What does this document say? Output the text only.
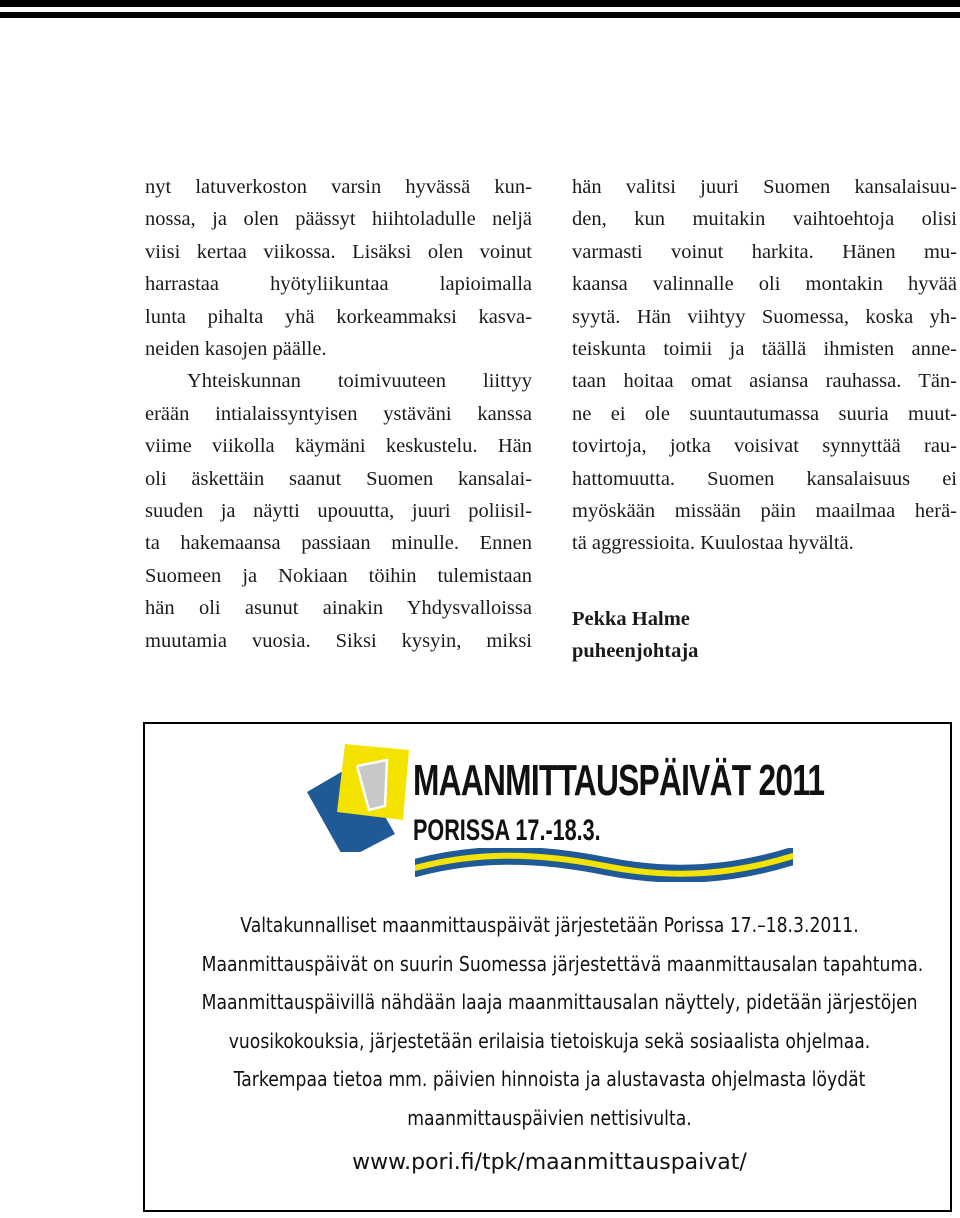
nyt latuverkoston varsin hyvässä kun-
nossa, ja olen päässyt hiihtoladulle neljä
viisi kertaa viikossa. Lisäksi olen voinut
harrastaa hyötyliikuntaa lapioimalla
lunta pihalta yhä korkeammaksi kasva-
neiden kasojen päälle.
Yhteiskunnan toimivuuteen liittyy
erään intialaissyntyisen ystäväni kanssa
viime viikolla käymäni keskustelu. Hän
oli äskettäin saanut Suomen kansalai-
suuden ja näytti upouutta, juuri poliisil-
ta hakemaansa passiaan minulle. Ennen
Suomeen ja Nokiaan töihin tulemistaan
hän oli asunut ainakin Yhdysvalloissa
muutamia vuosia. Siksi kysyin, miksi
hän valitsi juuri Suomen kansalaisuu-
den, kun muitakin vaihtoehtoja olisi
varmasti voinut harkita. Hänen mu-
kaansa valinnalle oli montakin hyvää
syytä. Hän viihtyy Suomessa, koska yh-
teiskunta toimii ja täällä ihmisten anne-
taan hoitaa omat asiansa rauhassa. Tän-
ne ei ole suuntautumassa suuria muut-
tovirtoja, jotka voisivat synnyttää rau-
hattomuutta. Suomen kansalaisuus ei
myöskään missään päin maailmaa herä-
tä aggressioita. Kuulostaa hyvältä.
Pekka Halme
puheenjohtaja
MAANMITTAUSPÄIVÄT 2011
PORISSA 17.-18.3.
Valtakunnalliset maanmittauspäivät järjestetään Porissa 17.–18.3.2011.
Maanmittauspäivät on suurin Suomessa järjestettävä maanmittausalan tapahtuma.
Maanmittauspäivillä nähdään laaja maanmittausalan näyttely, pidetään järjestöjen
vuosikokouksia, järjestetään erilaisia tietoiskuja sekä sosiaalista ohjelmaa.
Tarkempaa tietoa mm. päivien hinnoista ja alustavasta ohjelmasta löydät
maanmittauspäivien nettisivulta.
www.pori.fi/tpk/maanmittauspaivat/
